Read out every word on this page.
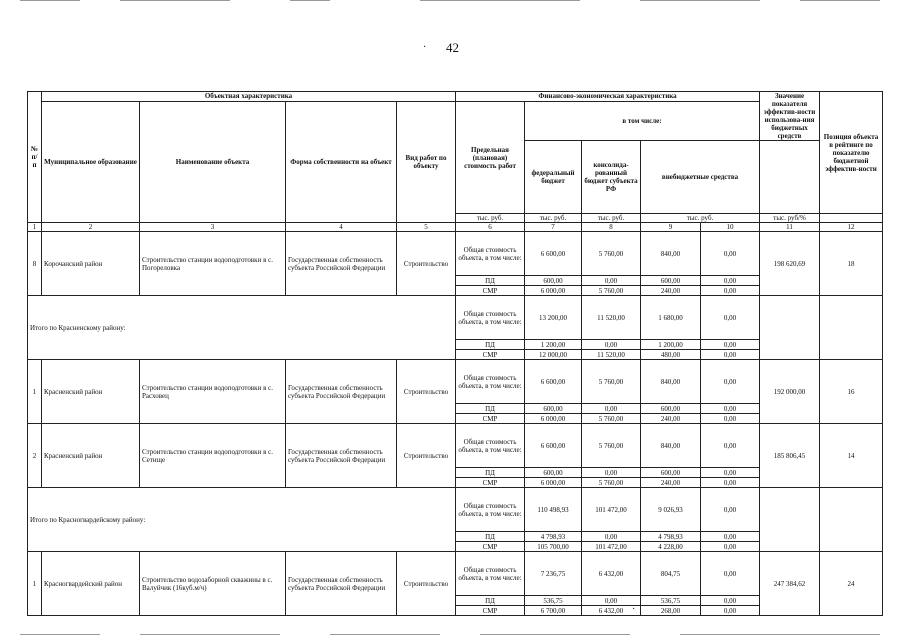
42
·
·
№ п/п	Объектная характеристика				Финансово-экономическая характеристика					Значение показателя эффектив-ности использова-ния бюджетных средств	Позиция объекта в рейтинге по показателю бюджетной эффектив-ности
	Муниципальное образование	Наименование объекта	Форма собственности на объект	Вид работ по объекту	Предельная (плановая) стоимость работ	в том числе:					
						федеральный бюджет	консолида-рованный бюджет субъекта РФ	внебюджетные средства		
					тыс. руб.	тыс. руб.	тыс. руб.	тыс. руб.		тыс. руб/%	
1	2	3	4	5	6	7	8	9	10	11	12
8	Корочанский район	Строительство станции водоподготовки в с. Погореловка	Государственная собственность субъекта Российской Федерации	Строительство	Общая стоимость объекта, в том числе:	6 600,00	5 760,00	840,00	0,00	198 620,69	18
					ПД	600,00	0,00	600,00	0,00		
					СМР	6 000,00	5 760,00	240,00	0,00		
Итого по Красненскому району:					Общая стоимость объекта, в том числе:	13 200,00	11 520,00	1 680,00	0,00		
					ПД	1 200,00	0,00	1 200,00	0,00		
					СМР	12 000,00	11 520,00	480,00	0,00		
1	Красненский район	Строительство станции водоподготовки в с. Расховец	Государственная собственность субъекта Российской Федерации	Строительство	Общая стоимость объекта, в том числе:	6 600,00	5 760,00	840,00	0,00	192 000,00	16
					ПД	600,00	0,00	600,00	0,00		
					СМР	6 000,00	5 760,00	240,00	0,00		
2	Красненский район	Строительство станции водоподготовки в с. Сетище	Государственная собственность субъекта Российской Федерации	Строительство	Общая стоимость объекта, в том числе:	6 600,00	5 760,00	840,00	0,00	185 806,45	14
					ПД	600,00	0,00	600,00	0,00		
					СМР	6 000,00	5 760,00	240,00	0,00		
Итого по Красногвардейскому району:					Общая стоимость объекта, в том числе:	110 498,93	101 472,00	9 026,93	0,00		
					ПД	4 798,93	0,00	4 798,93	0,00		
					СМР	105 700,00	101 472,00	4 228,00	0,00		
1	Красногвардейский район	Строительство водозаборной скважины в с. Валуйчик (16куб.м/ч)	Государственная собственность субъекта Российской Федерации	Строительство	Общая стоимость объекта, в том числе:	7 236,75	6 432,00	804,75	0,00	247 384,62	24
					ПД	536,75	0,00	536,75	0,00		
					СМР	6 700,00	6 432,00	268,00	0,00		
